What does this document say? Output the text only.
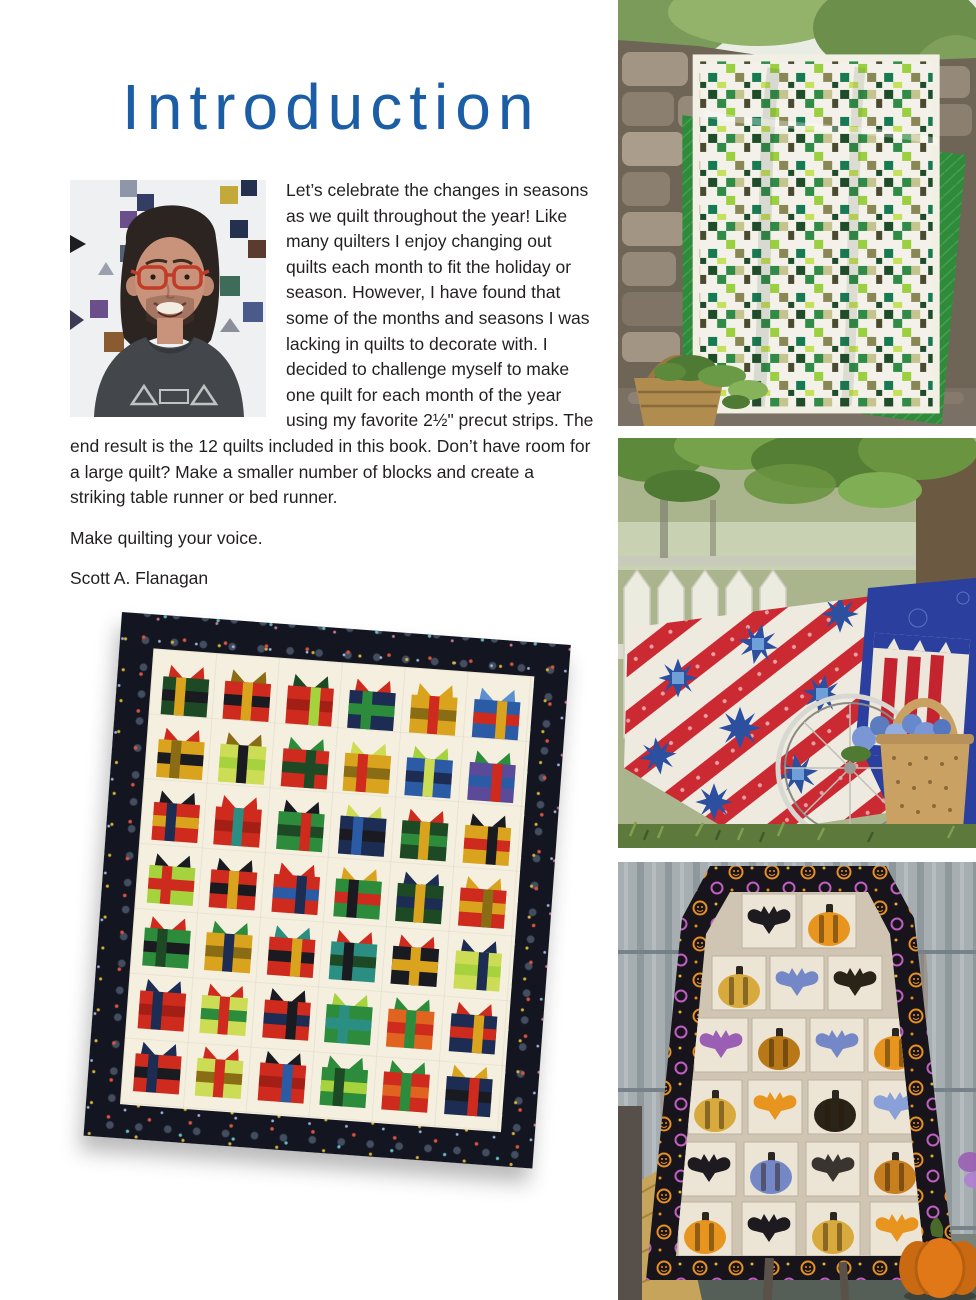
Introduction

Let’s celebrate the changes in seasons as we quilt throughout the year! Like many quilters I enjoy changing out quilts each month to fit the holiday or season. However, I have found that some of the months and seasons I was lacking in quilts to decorate with. I decided to challenge myself to make one quilt for each month of the year using my favorite 2½" precut strips. The end result is the 12 quilts included in this book. Don’t have room for a large quilt? Make a smaller number of blocks and create a striking table runner or bed runner.

Make quilting your voice.

Scott A. Flanagan
